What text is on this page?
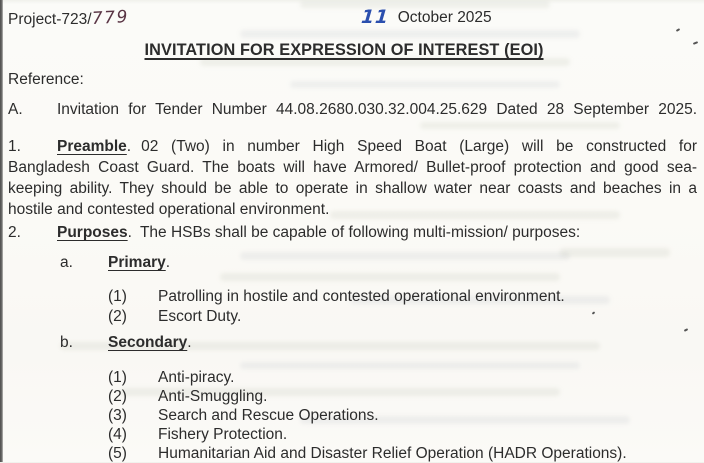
Project-723/779	11 October 2025
INVITATION FOR EXPRESSION OF INTEREST (EOI)
Reference:
A. Invitation for Tender Number 44.08.2680.030.32.004.25.629 Dated 28 September 2025.
1. Preamble. 02 (Two) in number High Speed Boat (Large) will be constructed for
Bangladesh Coast Guard. The boats will have Armored/ Bullet-proof protection and good sea-
keeping ability. They should be able to operate in shallow water near coasts and beaches in a
hostile and contested operational environment.
2. Purposes. The HSBs shall be capable of following multi-mission/ purposes:
a. Primary.
(1) Patrolling in hostile and contested operational environment.
(2) Escort Duty.
b. Secondary.
(1) Anti-piracy.
(2) Anti-Smuggling.
(3) Search and Rescue Operations.
(4) Fishery Protection.
(5) Humanitarian Aid and Disaster Relief Operation (HADR Operations).
